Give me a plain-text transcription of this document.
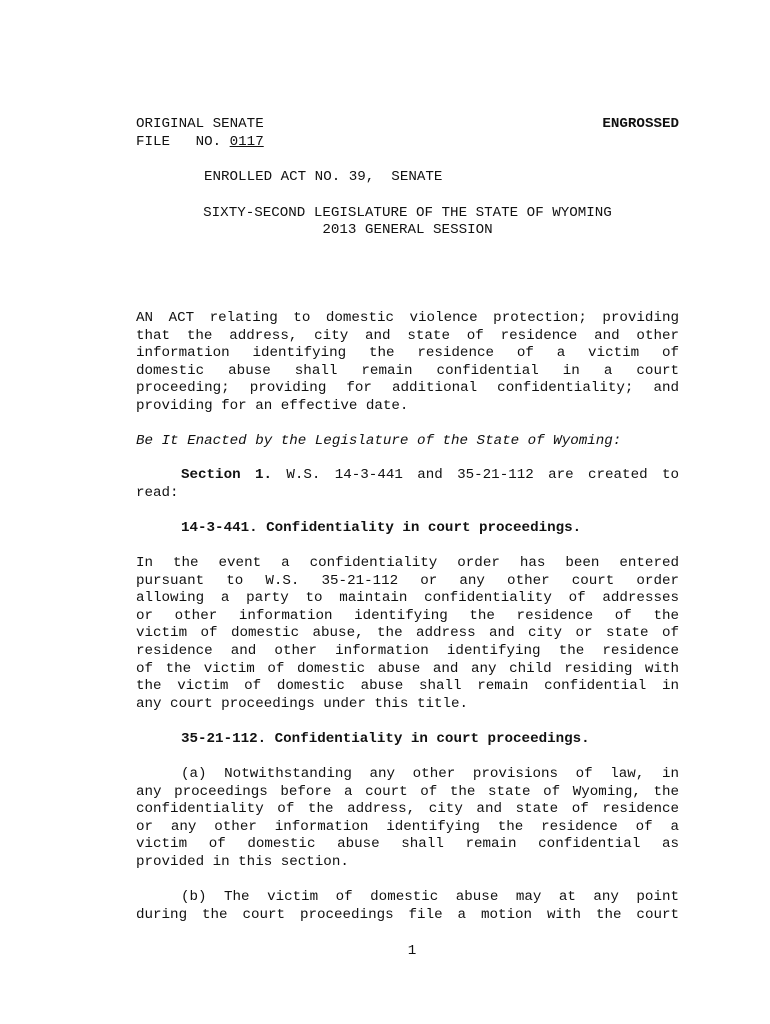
ORIGINAL SENATE
FILE   NO. 0117
ENGROSSED
ENROLLED ACT NO. 39,  SENATE
SIXTY-SECOND LEGISLATURE OF THE STATE OF WYOMING
2013 GENERAL SESSION
AN ACT relating to domestic violence protection; providing
that the address, city and state of residence and other
information identifying the residence of a victim of
domestic abuse shall remain confidential in a court
proceeding; providing for additional confidentiality; and
providing for an effective date.
Be It Enacted by the Legislature of the State of Wyoming:
Section 1. W.S. 14-3-441 and 35-21-112 are created to
read:
14-3-441. Confidentiality in court proceedings.
In the event a confidentiality order has been entered
pursuant to W.S. 35-21-112 or any other court order
allowing a party to maintain confidentiality of addresses
or other information identifying the residence of the
victim of domestic abuse, the address and city or state of
residence and other information identifying the residence
of the victim of domestic abuse and any child residing with
the victim of domestic abuse shall remain confidential in
any court proceedings under this title.
35-21-112. Confidentiality in court proceedings.
(a) Notwithstanding any other provisions of law, in
any proceedings before a court of the state of Wyoming, the
confidentiality of the address, city and state of residence
or any other information identifying the residence of a
victim of domestic abuse shall remain confidential as
provided in this section.
(b) The victim of domestic abuse may at any point
during the court proceedings file a motion with the court
1
